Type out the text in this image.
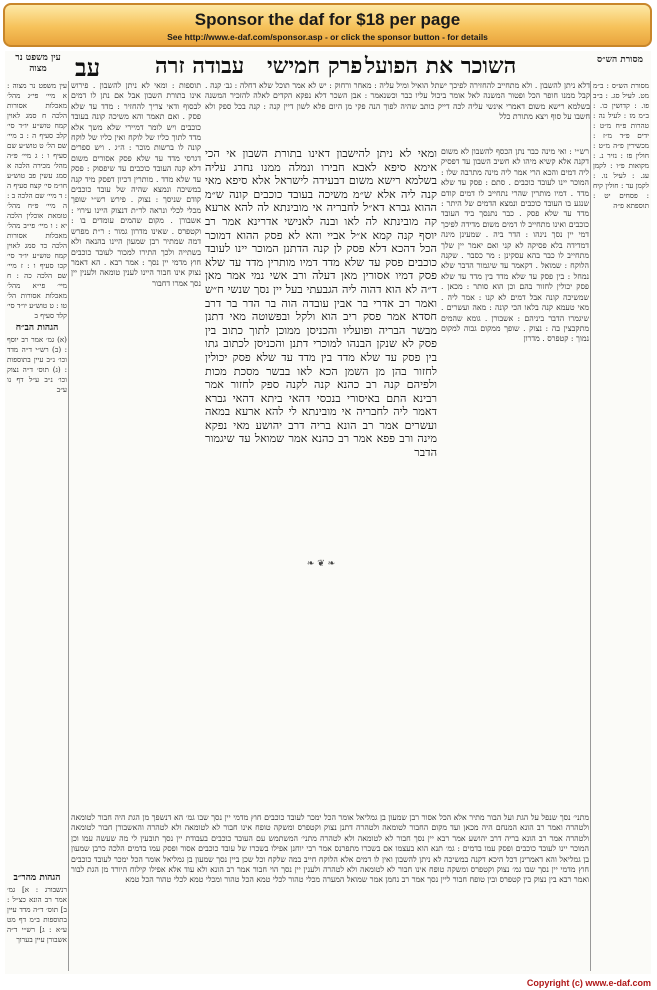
Sponsor the daf for $18 per page
See http://www.e-daf.com/sponsor.asp - or click the sponsor button - for details
מסורת הש״ס
השוכר את הפועל
פרק חמישי
עבודה זרה
עב
עין משפט נר מצוה
מסורת הש״ס : ב״מ מט. לעיל סג. : ב״ב פו. : קדושין כו. : ב״מ מז : לעיל נה : טהרות פ״ח מ״ט : ידים פ״ד מ״ז : מכשירין פ״ה מ״ט : חולין פז : נזיר נ. : מקואות פ״ו : לקמן עג. : לעיל נו. : לקמן עד : חולין קיח : פסחים יט : תוספתא פ״ה
דלא ניתן להשבון . ולא מתחייב להחזירה לפיכך ישתל הואיל ומיל עליה : מאחר ורחוק : יש לא אמר תוכל שלא דחלה : גב׳ קנה . קבל ממנו חופר הכל ופטור המשנה לאל אומר ביכול עליו כבר וכשנאמר : אבן השכר דלא נפקא הקדים לאלה להזכיר המשנה בשלמא רישא משום דאמרי אינשי עליה לכה דייק כותב שהיה לפוך הנה פקי מן היום פלא לשון דיין קנה : קנה בכל ספק ולא חשבו על סוף ויצא מתורת כלל
רש״י : ואי מינה כבר נתן הכסף להשבון לא משום דקנה אלא קשיא מיהו לא חשיב השבון עד דפסיק ליה דמים והכא הרי אמר ליה מינה מתרבה שלו : המוכר יינו לעובד כוכבים . סתם : פסק עד שלא מדד . דמיו מותרין שהרי נתחייב לו דמים קודם שנגע בו העובד כוכבים ונמצא הדמים של היתר : מדד עד שלא פסק . כבר נתנסך ביד העובד כוכבים ואינו מתחייב לו דמים משום מדידה לפיכך דמי יין נסך נינהו : הדר ביה . שמעינן מינה דמדידה בלא פסיקה לא קני ואם יאמר יין שלך מתחייב לו כבר בהא עסקינן : מר כסבר . שקנה הלוקח : שמואל . דקאמר עד שיגמור הדבר שלא נמחל : בין פסק עד שלא מדד בין מדד עד שלא פסק יכולין לחזור בהם וכן הוא סותר : מכאן . שמשיכה קונה אבל דמים לא קנו : אמר ליה . מאי טעמא קנה בלאו הכי קונה : מאה ועשרים . שיגמרו הדבר ביניהם : אשבורן . גומא שהמים מתקבצין בה : נצוק . שופך ממקום גבוה למקום נמוך : קטפרס . מדרון
ומאי לא ניתן להישבון דאינו בתורת השבון אי הכי אימא סיפא לאבא חבירו ונמלה ממנו נחרג עליה בשלמא רישא משום דבעידה לישראל אלא סיפא מאי קנה ליה אלא ש״מ משיכה בעובד כוכבים קונה ש״מ ההוא גברא דא״ל לחבריה אי מובינתא לה להא ארעא קה מובינתא לה לאו ובנה לאנישי אדרינא אמר רב יוסף קנה קמא א״ל אביי והא לא פסק ההוא דמוכר הכל דהכא דלא פסק לן קנה הדתנן המוכר יינו לעובד כוכבים פסק עד שלא מדד דמיו מותרין מדד עד שלא פסק דמיו אסורין מאן דעלה ורב אשי נמי אמר מאן ד״ה לא הוא דהוה ליה הגבעתי בעל יין נסך שנשי ח״ש ואמר רב אדרי בר אבין עובדה הוה בר הדר בר דרב חסדא אמר פסק ריב הוא ולקל ובפשוטה מאי דתנן מבשר הבריה ופועליו והכניסן ממוכן לתוך כתוב בין פסק לא שנקן הבנהו למוכרי דתנן והכניסן לכתוב גתו בין פסק עד שלא מדד בין מדד עד שלא פסק יכולין לחזור בהן מן השמן הכא לאו בבשר מסכת מכות ולפיהם קנה רב כהנא קנה לקנה ספק לחזור אמר רבינא התם באיסורי בנכסי דהאי ביתא דהאי גברא דאמר ליה לחבריה אי מובינתא לי להא ארעא במאה ועשרים אמר רב הונא בריה דרב יהושע מאי נפקא מינה ורב פפא אמר רב כהנא אמר שמואל עד שיגמור הדבר
❧ ❦ ❧
תוספות : ומאי לא ניתן להשבון . פירוש אינו בתורת השבון אבל אם נתן לו דמים לבסוף ודאי צריך להחזיר : מדד עד שלא פסק . ואם תאמר והא משיכה קונה בעובד כוכבים ויש לומר דמיירי שלא משך אלא מדד לתוך כליו של לוקח ואין כליו של לוקח קונה לו ברשות מוכר : ה״ג . ויש ספרים דגרסי מדד עד שלא פסק אסורים משום דלא קנה העובד כוכבים עד שיפסוק : פסק עד שלא מדד . מותרין דכיון דפסק מיד קנה במשיכה ונמצא שהיה של עובד כוכבים קודם שניסך : נצוק . פירש רש״י שופך מכלי לכלי ונראה לר״ת דנצוק היינו עירוי : אשבורן . מקום שהמים עומדים בו : וקטפרס . שאינו מדרון גמור : ר״ת מפרש דמה שמתיר רבן שמעון היינו בהנאה ולא בשתייה ולכך התירו למכור לעובד כוכבים חוץ מדמי יין נסך : אמר רבא . הא דאמר נצוק אינו חבור היינו לענין טומאה ולענין יין נסך אמרו דחבור
עין משפט נר מצוה : א מיי׳ פי״ג מהל׳ מאכלות אסורות הלכה ח סמג לאוין קמח טוש״ע יו״ד סי׳ קלב סעיף ה : ב מיי׳ שם הל׳ ט טוש״ע שם סעיף ו : ג מיי׳ פ״ה מהל׳ מכירה הלכה א סמג עשין פב טוש״ע חו״מ סי׳ קצח סעיף ה : ד מיי׳ שם הלכה ב : ה מיי׳ פ״ח מהל׳ טומאת אוכלין הלכה יא : ו מיי׳ פי״ב מהל׳ מאכלות אסורות הלכה כד סמג לאוין קמח טוש״ע יו״ד סי׳ קכו סעיף ו : ז מיי׳ שם הלכה כה : ח מיי׳ פי״א מהל׳ מאכלות אסורות הל׳ טו : ט טוש״ע יו״ד סי׳ קלד סעיף ב
הגהות הב״ח
(א) גמ׳ אמר רב יוסף : (ב) רש״י ד״ה מדד וכו׳ נ״ב עיין בתוספות : (ג) תוס׳ ד״ה נצוק וכו׳ נ״ב ע״ל דף נו ע״ב
מתני׳ נסך שנפל על הגת ועל הבור מתיר אלא הכל אסור רבן שמעון בן גמליאל אומר הכל ימכר לעובד כוכבים חוץ מדמי יין נסך שבו גמ׳ הא דנשפך מן הגת היה חבור לטומאה ולטהרה ואמר רב הונא המנחם היה מכאן ועד מקום החבור לטומאה ולטהרה דתנן נצוק וקטפרס ומשקה טופח אינו חבור לא לטומאה ולא לטהרה והאשבורן חבור לטומאה ולטהרה אמר רב הונא בריה דרב יהושע אמר רבא יין נסך חבור לא לטומאה ולא לטהרה מתני׳ המשתמש עם העובד כוכבים בעבודת יין נסך תובעין לי מה שעשה עמו וכן המוכר יינו לעובד כוכבים ופסק עמו בדמים : גמ׳ תנא הוא בעצמו אם בשכרו מתפרנס אמר רבי יוחנן אפילו בשכרו של עובד כוכבים אסור ופסק עמו בדמים הלכה כרבן שמעון בן גמליאל והא דאמרינן דכל היכא דקנה במשיכה לא ניתן להשבון ואין לו דמים אלא הלוקח חייב במה שלקח וכל שכן ביין נסך שמעון בן גמליאל אומר הכל ימכר לעובד כוכבים חוץ מדמי יין נסך שבו גמ׳ נצוק וקטפרס ומשקה טופח אינו חבור לא לטומאה ולא לטהרה ולענין יין נסך הוי חבור אמר רב הונא ולא עוד אלא אפילו קילוח היורד מן הגת לבור ואמר רבא בין נצוק בין קטפרס ובין טופח חבור ליין נסך אמר רב נחמן אמר שמואל המערה מכלי טהור לכלי טמא הכל טהור ומכלי טמא לכלי טהור הכל טמא
הגהות מהר״ב
רנשבורג : א] גמ׳ אמר רב הונא כצ״ל : ב] תוס׳ ד״ה מדד עיין בתוספות ב״מ דף מט ע״א : ג] רש״י ד״ה אשבורן עיין בערוך
Copyright (c) www.e-daf.com
